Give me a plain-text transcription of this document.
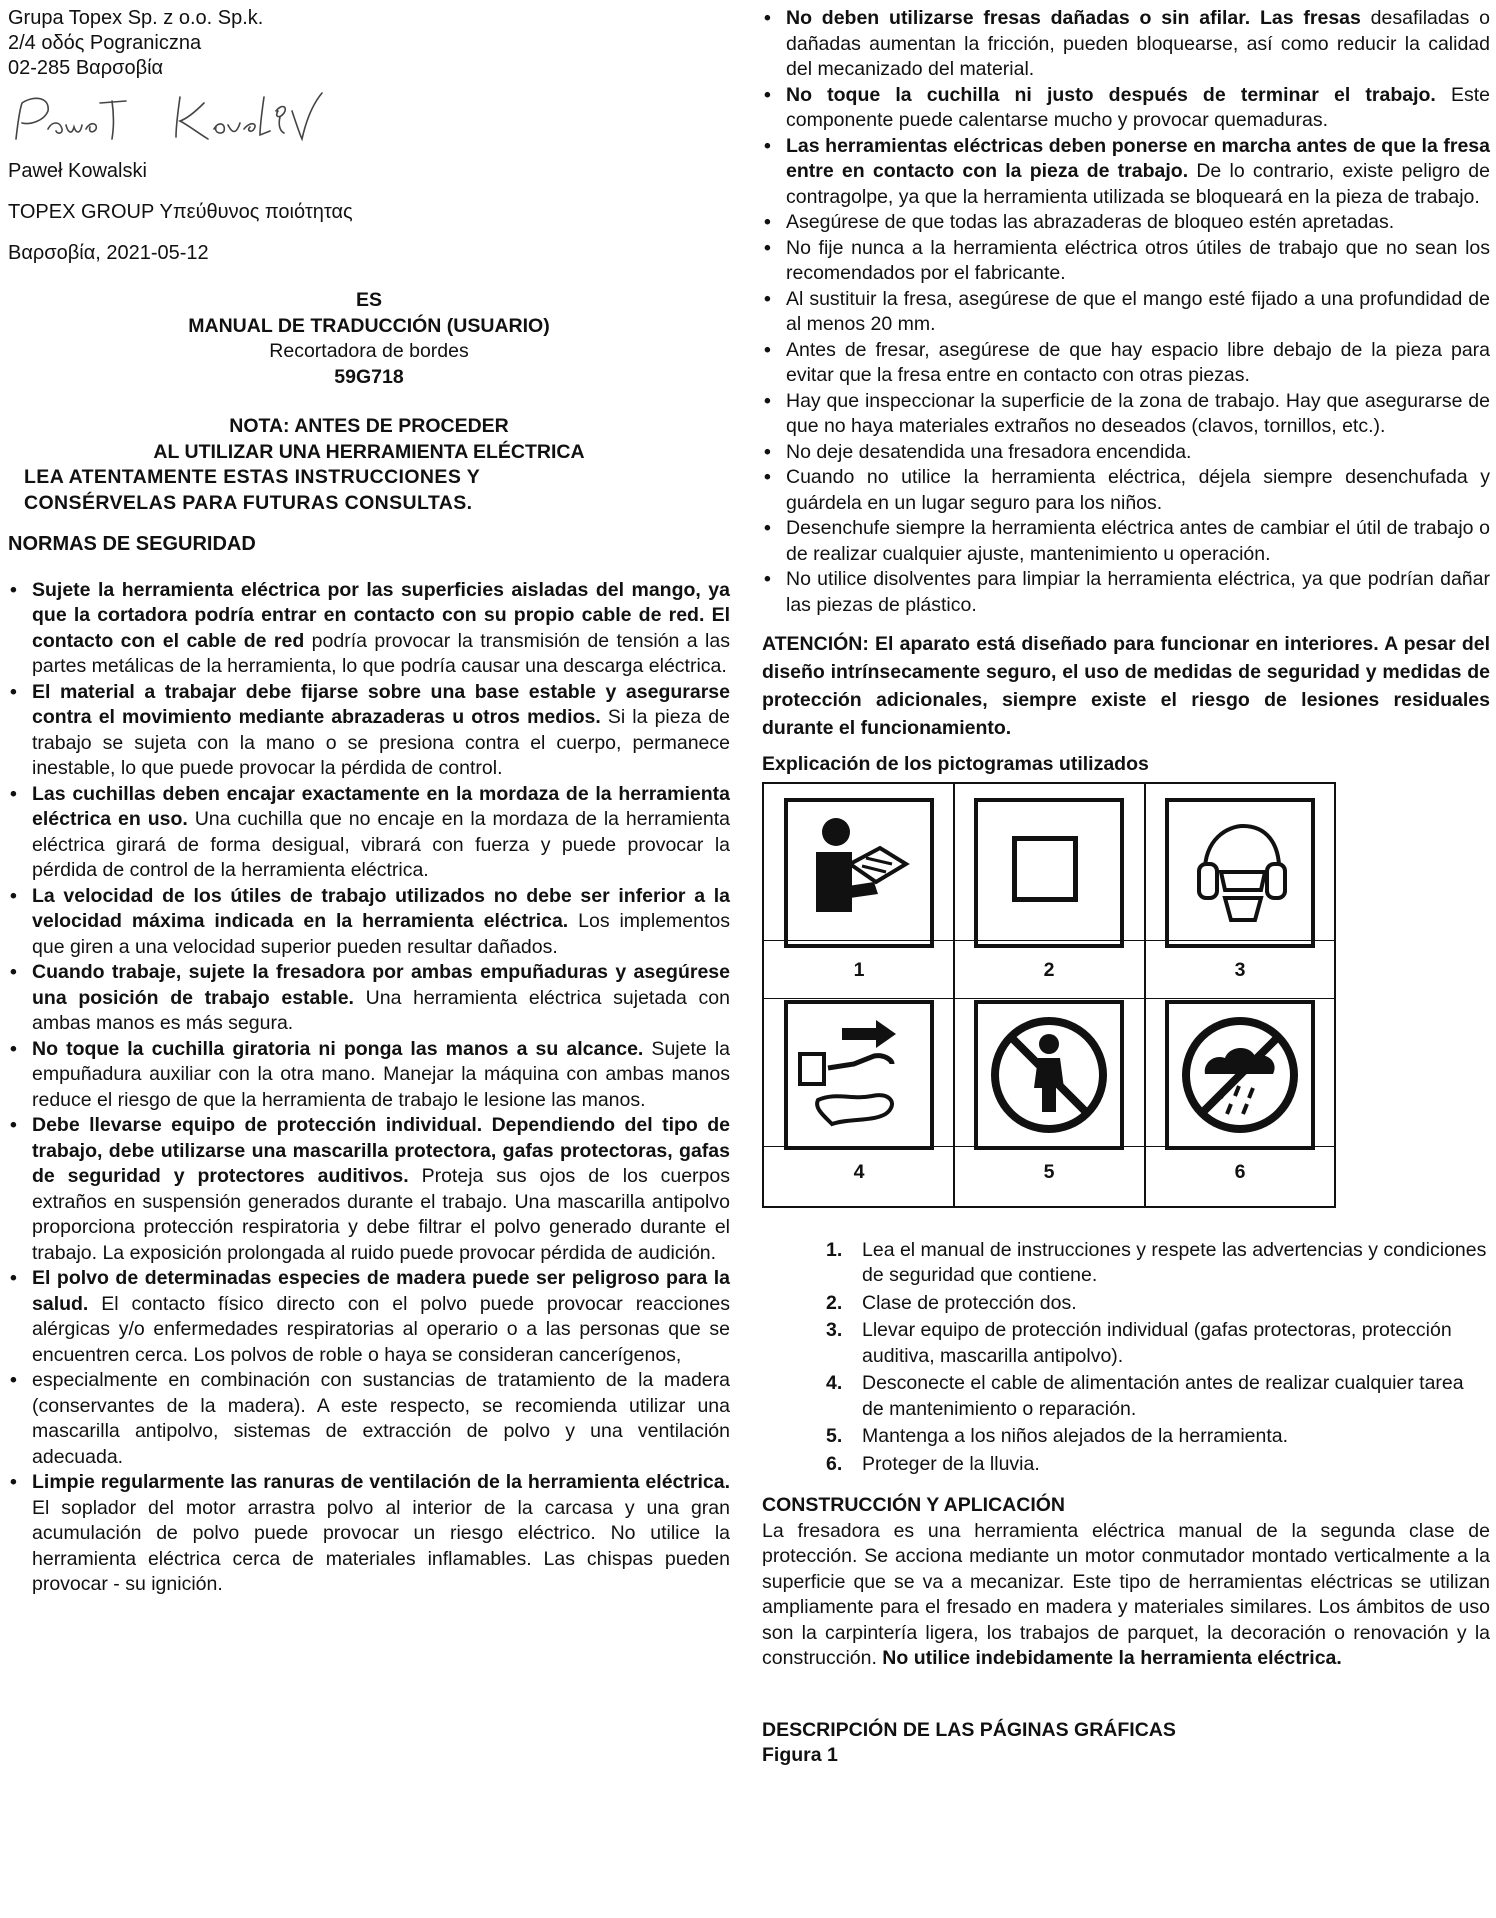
Grupa Topex Sp. z o.o. Sp.k.

2/4 οδός Pograniczna

02-285 Βαρσοβία

Paweł Kowalski

TOPEX GROUP Υπεύθυνος ποιότητας

Βαρσοβία, 2021-05-12

ES

MANUAL DE TRADUCCIÓN (USUARIO)

Recortadora de bordes

59G718

NOTA: ANTES DE PROCEDER

AL UTILIZAR UNA HERRAMIENTA ELÉCTRICA

LEA ATENTAMENTE ESTAS INSTRUCCIONES Y

CONSÉRVELAS PARA FUTURAS CONSULTAS.

NORMAS DE SEGURIDAD

• Sujete la herramienta eléctrica por las superficies aisladas del mango, ya que la cortadora podría entrar en contacto con su propio cable de red. El contacto con el cable de red podría provocar la transmisión de tensión a las partes metálicas de la herramienta, lo que podría causar una descarga eléctrica.
• El material a trabajar debe fijarse sobre una base estable y asegurarse contra el movimiento mediante abrazaderas u otros medios. Si la pieza de trabajo se sujeta con la mano o se presiona contra el cuerpo, permanece inestable, lo que puede provocar la pérdida de control.
• Las cuchillas deben encajar exactamente en la mordaza de la herramienta eléctrica en uso. Una cuchilla que no encaje en la mordaza de la herramienta eléctrica girará de forma desigual, vibrará con fuerza y puede provocar la pérdida de control de la herramienta eléctrica.
• La velocidad de los útiles de trabajo utilizados no debe ser inferior a la velocidad máxima indicada en la herramienta eléctrica. Los implementos que giren a una velocidad superior pueden resultar dañados.
• Cuando trabaje, sujete la fresadora por ambas empuñaduras y asegúrese una posición de trabajo estable. Una herramienta eléctrica sujetada con ambas manos es más segura.
• No toque la cuchilla giratoria ni ponga las manos a su alcance. Sujete la empuñadura auxiliar con la otra mano. Manejar la máquina con ambas manos reduce el riesgo de que la herramienta de trabajo le lesione las manos.
• Debe llevarse equipo de protección individual. Dependiendo del tipo de trabajo, debe utilizarse una mascarilla protectora, gafas protectoras, gafas de seguridad y protectores auditivos. Proteja sus ojos de los cuerpos extraños en suspensión generados durante el trabajo. Una mascarilla antipolvo proporciona protección respiratoria y debe filtrar el polvo generado durante el trabajo. La exposición prolongada al ruido puede provocar pérdida de audición.
• El polvo de determinadas especies de madera puede ser peligroso para la salud. El contacto físico directo con el polvo puede provocar reacciones alérgicas y/o enfermedades respiratorias al operario o a las personas que se encuentren cerca. Los polvos de roble o haya se consideran cancerígenos,
• especialmente en combinación con sustancias de tratamiento de la madera (conservantes de la madera). A este respecto, se recomienda utilizar una mascarilla antipolvo, sistemas de extracción de polvo y una ventilación adecuada.
• Limpie regularmente las ranuras de ventilación de la herramienta eléctrica. El soplador del motor arrastra polvo al interior de la carcasa y una gran acumulación de polvo puede provocar un riesgo eléctrico. No utilice la herramienta eléctrica cerca de materiales inflamables. Las chispas pueden provocar - su ignición.
• No deben utilizarse fresas dañadas o sin afilar. Las fresas desafiladas o dañadas aumentan la fricción, pueden bloquearse, así como reducir la calidad del mecanizado del material.
• No toque la cuchilla ni justo después de terminar el trabajo. Este componente puede calentarse mucho y provocar quemaduras.
• Las herramientas eléctricas deben ponerse en marcha antes de que la fresa entre en contacto con la pieza de trabajo. De lo contrario, existe peligro de contragolpe, ya que la herramienta utilizada se bloqueará en la pieza de trabajo.
• Asegúrese de que todas las abrazaderas de bloqueo estén apretadas.
• No fije nunca a la herramienta eléctrica otros útiles de trabajo que no sean los recomendados por el fabricante.
• Al sustituir la fresa, asegúrese de que el mango esté fijado a una profundidad de al menos 20 mm.
• Antes de fresar, asegúrese de que hay espacio libre debajo de la pieza para evitar que la fresa entre en contacto con otras piezas.
• Hay que inspeccionar la superficie de la zona de trabajo. Hay que asegurarse de que no haya materiales extraños no deseados (clavos, tornillos, etc.).
• No deje desatendida una fresadora encendida.
• Cuando no utilice la herramienta eléctrica, déjela siempre desenchufada y guárdela en un lugar seguro para los niños.
• Desenchufe siempre la herramienta eléctrica antes de cambiar el útil de trabajo o de realizar cualquier ajuste, mantenimiento u operación.
• No utilice disolventes para limpiar la herramienta eléctrica, ya que podrían dañar las piezas de plástico.

ATENCIÓN: El aparato está diseñado para funcionar en interiores. A pesar del diseño intrínsecamente seguro, el uso de medidas de seguridad y medidas de protección adicionales, siempre existe el riesgo de lesiones residuales durante el funcionamiento.

Explicación de los pictogramas utilizados

1	2	3

4	5	6

1. Lea el manual de instrucciones y respete las advertencias y condiciones de seguridad que contiene.
2. Clase de protección dos.
3. Llevar equipo de protección individual (gafas protectoras, protección auditiva, mascarilla antipolvo).
4. Desconecte el cable de alimentación antes de realizar cualquier tarea de mantenimiento o reparación.
5. Mantenga a los niños alejados de la herramienta.
6. Proteger de la lluvia.

CONSTRUCCIÓN Y APLICACIÓN

La fresadora es una herramienta eléctrica manual de la segunda clase de protección. Se acciona mediante un motor conmutador montado verticalmente a la superficie que se va a mecanizar. Este tipo de herramientas eléctricas se utilizan ampliamente para el fresado en madera y materiales similares. Los ámbitos de uso son la carpintería ligera, los trabajos de parquet, la decoración o renovación y la construcción. No utilice indebidamente la herramienta eléctrica.

DESCRIPCIÓN DE LAS PÁGINAS GRÁFICAS

Figura 1
